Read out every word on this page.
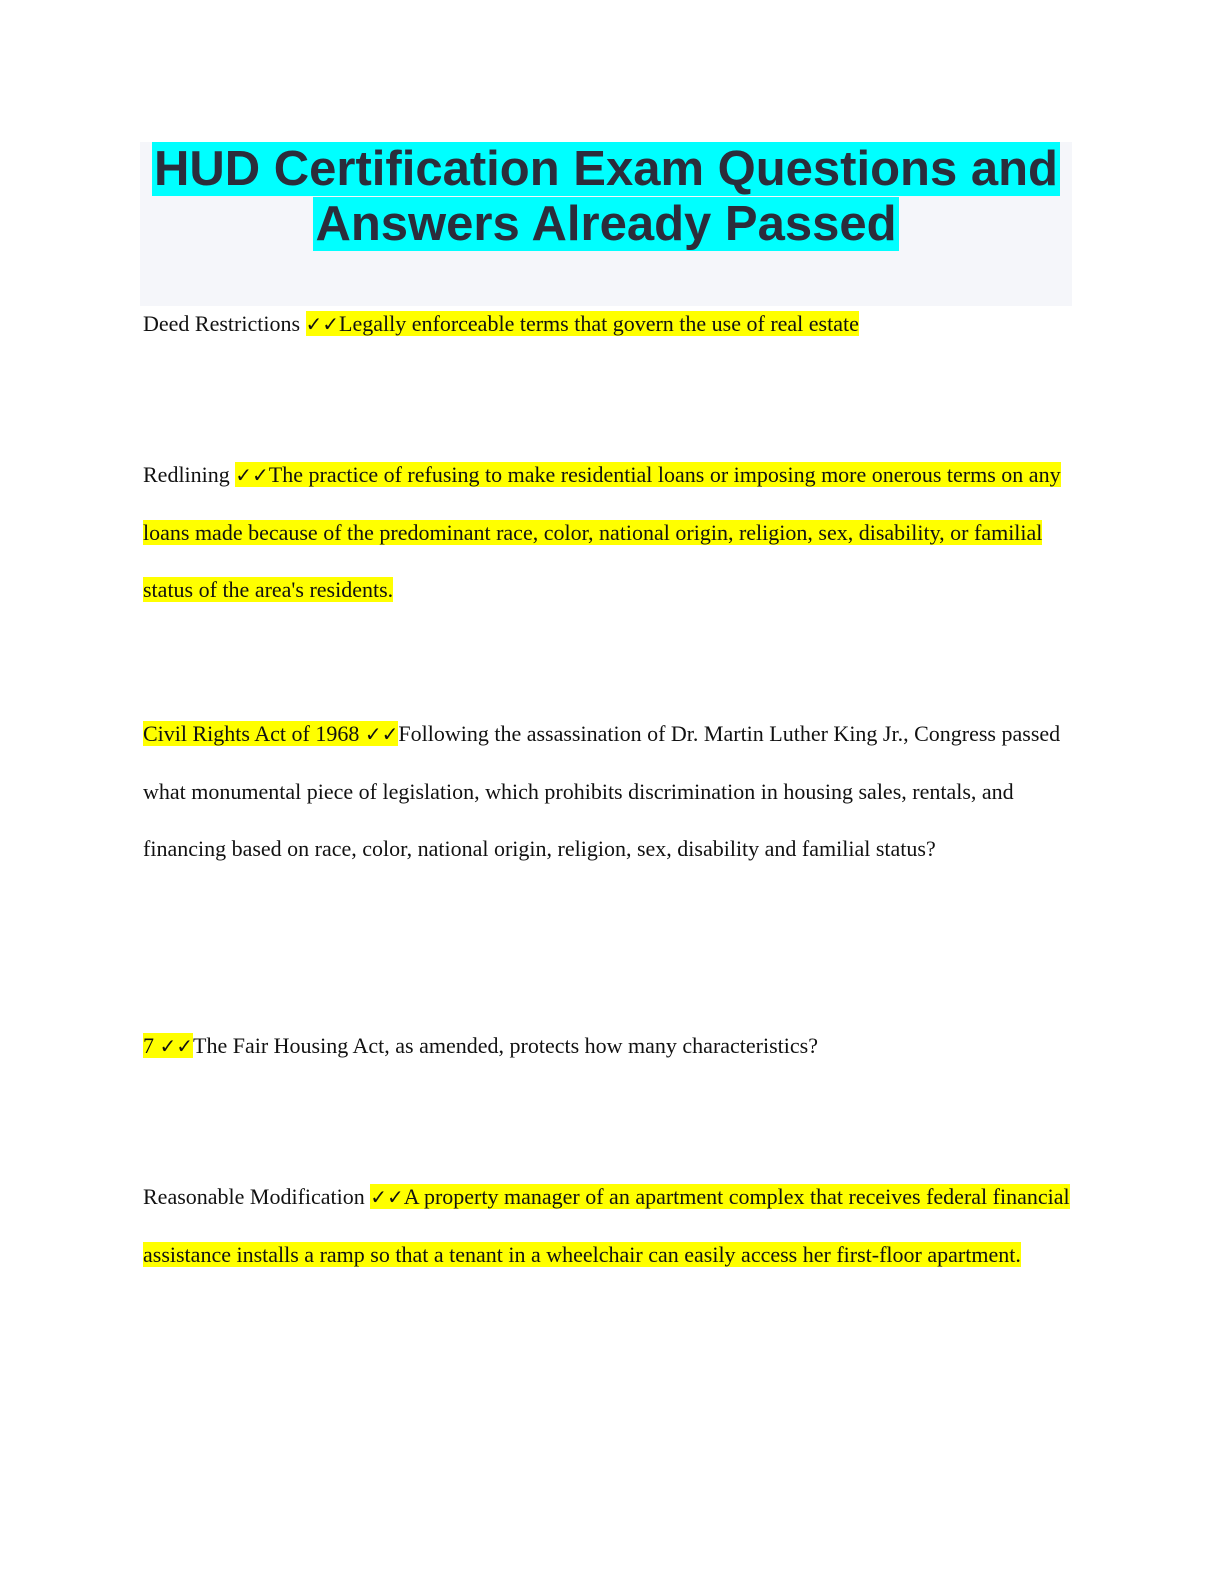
HUD Certification Exam Questions and Answers Already Passed

Deed Restrictions ✓✓Legally enforceable terms that govern the use of real estate

Redlining ✓✓The practice of refusing to make residential loans or imposing more onerous terms on any loans made because of the predominant race, color, national origin, religion, sex, disability, or familial status of the area's residents.

Civil Rights Act of 1968 ✓✓Following the assassination of Dr. Martin Luther King Jr., Congress passed what monumental piece of legislation, which prohibits discrimination in housing sales, rentals, and financing based on race, color, national origin, religion, sex, disability and familial status?

7 ✓✓The Fair Housing Act, as amended, protects how many characteristics?

Reasonable Modification ✓✓A property manager of an apartment complex that receives federal financial assistance installs a ramp so that a tenant in a wheelchair can easily access her first-floor apartment.
